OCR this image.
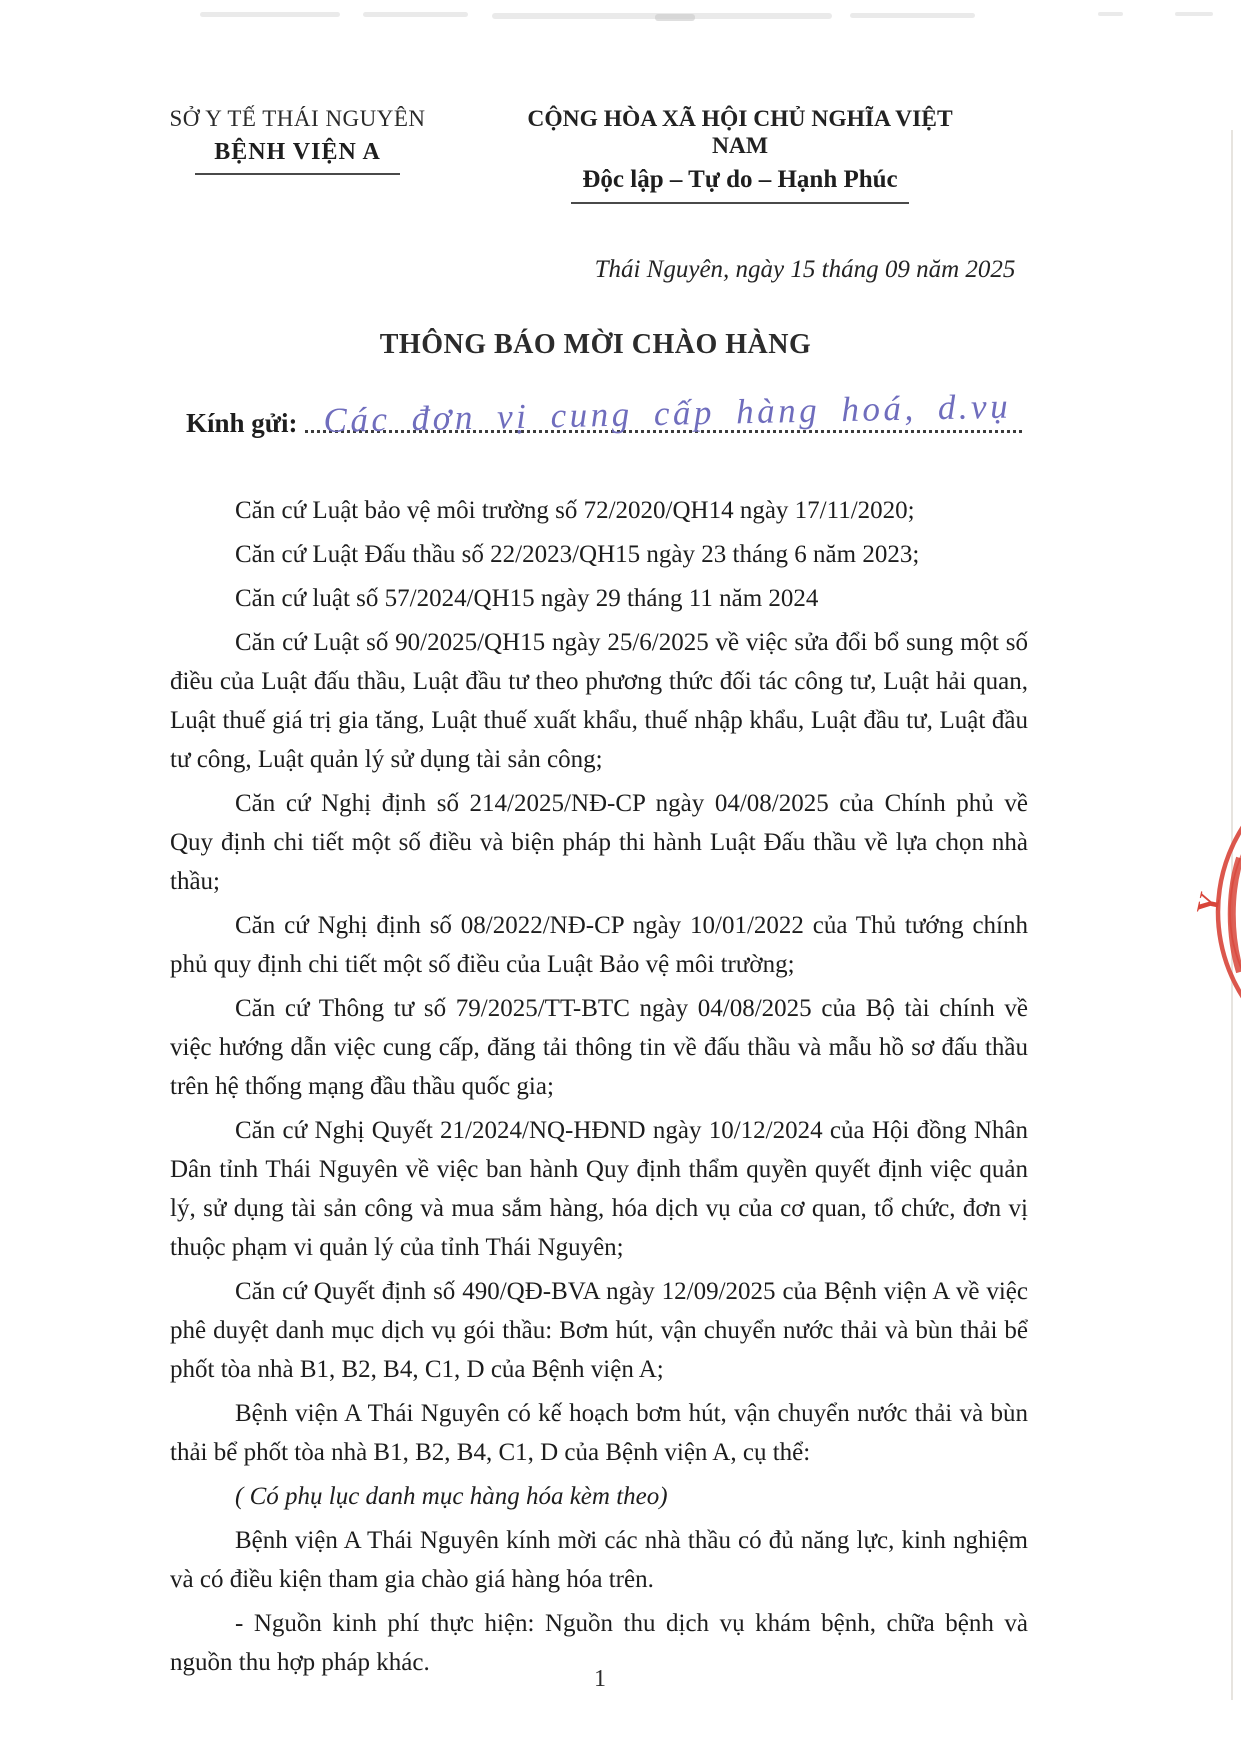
SỞ Y TẾ THÁI NGUYÊN
BỆNH VIỆN A
CỘNG HÒA XÃ HỘI CHỦ NGHĨA VIỆT NAM
Độc lập – Tự do – Hạnh Phúc
Thái Nguyên, ngày 15 tháng 09 năm 2025
THÔNG BÁO MỜI CHÀO HÀNG
Kính gửi: Các đơn vị cung cấp hàng hoá, d.vụ

Căn cứ Luật bảo vệ môi trường số 72/2020/QH14 ngày 17/11/2020;

Căn cứ Luật Đấu thầu số 22/2023/QH15 ngày 23 tháng 6 năm 2023;

Căn cứ luật số 57/2024/QH15 ngày 29 tháng 11 năm 2024

Căn cứ Luật số 90/2025/QH15 ngày 25/6/2025 về việc sửa đổi bổ sung một số điều của Luật đấu thầu, Luật đầu tư theo phương thức đối tác công tư, Luật hải quan, Luật thuế giá trị gia tăng, Luật thuế xuất khẩu, thuế nhập khẩu, Luật đầu tư, Luật đầu tư công, Luật quản lý sử dụng tài sản công;

Căn cứ Nghị định số 214/2025/NĐ-CP ngày 04/08/2025 của Chính phủ về Quy định chi tiết một số điều và biện pháp thi hành Luật Đấu thầu về lựa chọn nhà thầu;

Căn cứ Nghị định số 08/2022/NĐ-CP ngày 10/01/2022 của Thủ tướng chính phủ quy định chi tiết một số điều của Luật Bảo vệ môi trường;

Căn cứ Thông tư số 79/2025/TT-BTC ngày 04/08/2025 của Bộ tài chính về việc hướng dẫn việc cung cấp, đăng tải thông tin về đấu thầu và mẫu hồ sơ đấu thầu trên hệ thống mạng đầu thầu quốc gia;

Căn cứ Nghị Quyết 21/2024/NQ-HĐND ngày 10/12/2024 của Hội đồng Nhân Dân tỉnh Thái Nguyên về việc ban hành Quy định thẩm quyền quyết định việc quản lý, sử dụng tài sản công và mua sắm hàng, hóa dịch vụ của cơ quan, tổ chức, đơn vị thuộc phạm vi quản lý của tỉnh Thái Nguyên;

Căn cứ Quyết định số 490/QĐ-BVA ngày 12/09/2025 của Bệnh viện A về việc phê duyệt danh mục dịch vụ gói thầu: Bơm hút, vận chuyển nước thải và bùn thải bể phốt tòa nhà B1, B2, B4, C1, D của Bệnh viện A;

Bệnh viện A Thái Nguyên có kế hoạch bơm hút, vận chuyển nước thải và bùn thải bể phốt tòa nhà B1, B2, B4, C1, D của Bệnh viện A, cụ thể:

( Có phụ lục danh mục hàng hóa kèm theo)

Bệnh viện A Thái Nguyên kính mời các nhà thầu có đủ năng lực, kinh nghiệm và có điều kiện tham gia chào giá hàng hóa trên.

- Nguồn kinh phí thực hiện: Nguồn thu dịch vụ khám bệnh, chữa bệnh và nguồn thu hợp pháp khác.

Y
1
